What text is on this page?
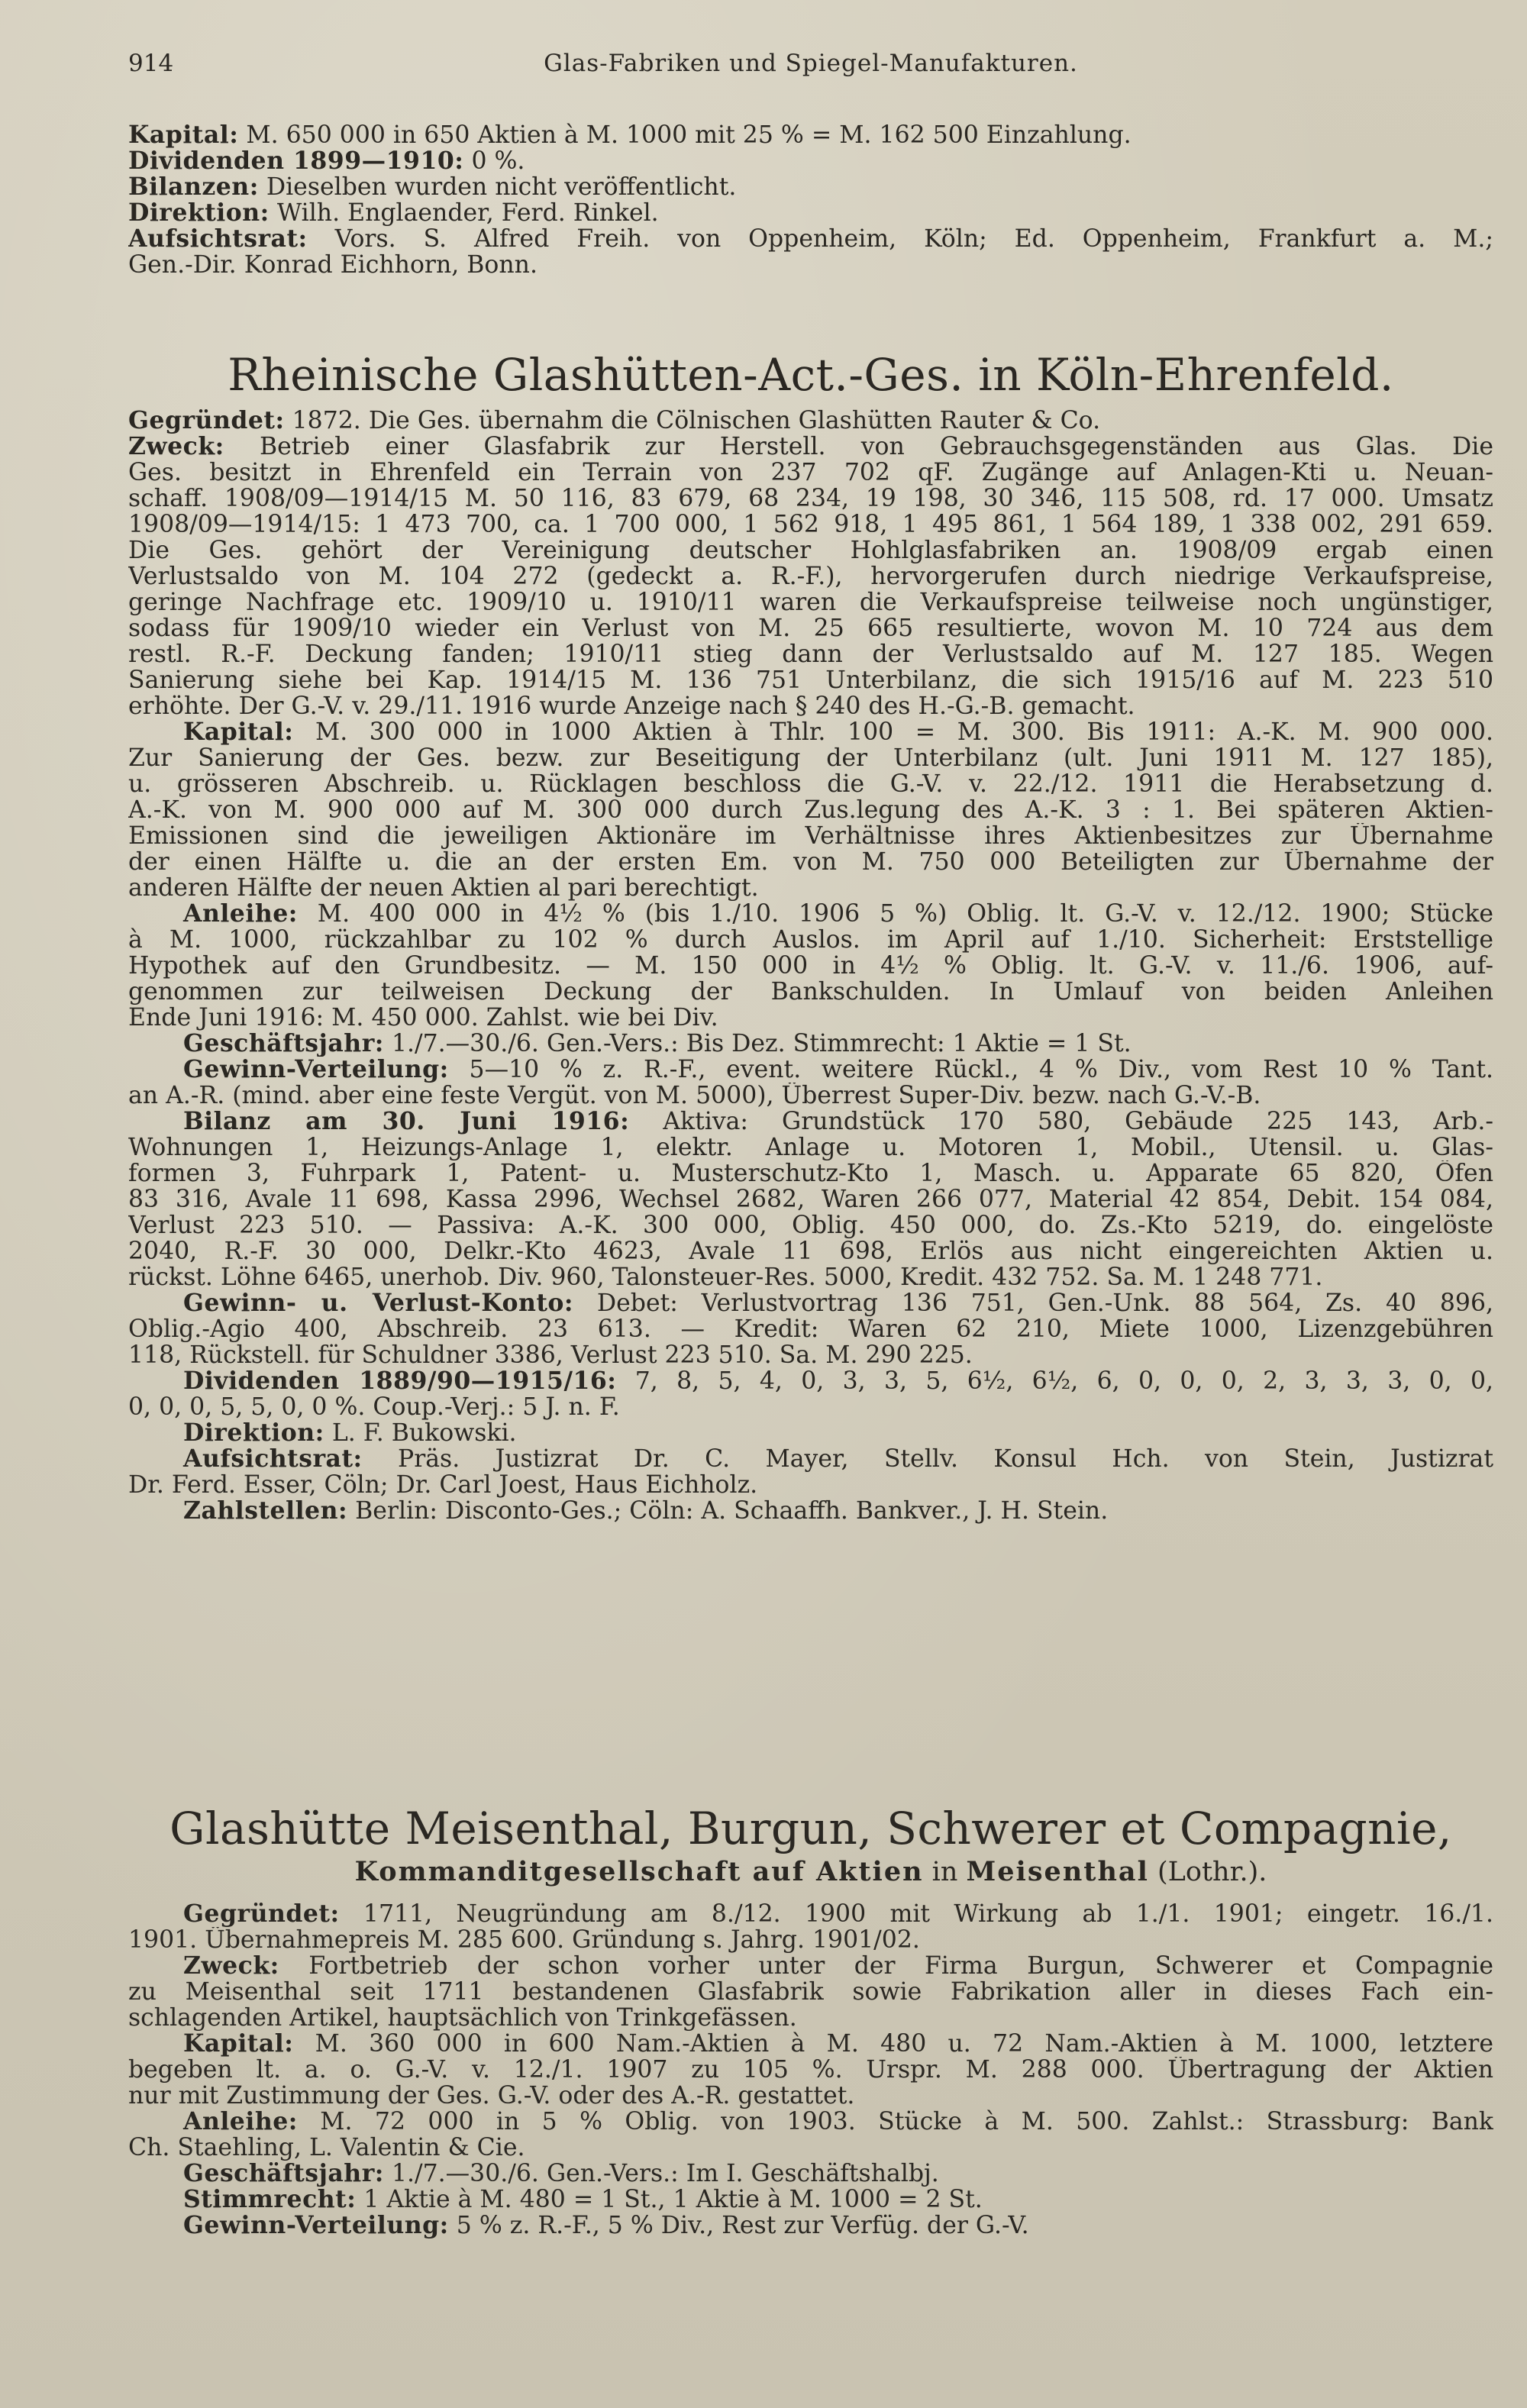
914	Glas-Fabriken und Spiegel-Manufakturen.
Kapital: M. 650 000 in 650 Aktien à M. 1000 mit 25 % = M. 162 500 Einzahlung.
Dividenden 1899—1910: 0 %.
Bilanzen: Dieselben wurden nicht veröffentlicht.
Direktion: Wilh. Englaender, Ferd. Rinkel.
Aufsichtsrat: Vors. S. Alfred Freih. von Oppenheim, Köln; Ed. Oppenheim, Frankfurt a. M.;
Gen.-Dir. Konrad Eichhorn, Bonn.
Rheinische Glashütten-Act.-Ges. in Köln-Ehrenfeld.
Gegründet: 1872. Die Ges. übernahm die Cölnischen Glashütten Rauter & Co.
Zweck: Betrieb einer Glasfabrik zur Herstell. von Gebrauchsgegenständen aus Glas. Die
Ges. besitzt in Ehrenfeld ein Terrain von 237 702 qF. Zugänge auf Anlagen-Kti u. Neuan-
schaff. 1908/09—1914/15 M. 50 116, 83 679, 68 234, 19 198, 30 346, 115 508, rd. 17 000. Umsatz
1908/09—1914/15: 1 473 700, ca. 1 700 000, 1 562 918, 1 495 861, 1 564 189, 1 338 002, 291 659.
Die Ges. gehört der Vereinigung deutscher Hohlglasfabriken an. 1908/09 ergab einen
Verlustsaldo von M. 104 272 (gedeckt a. R.-F.), hervorgerufen durch niedrige Verkaufspreise,
geringe Nachfrage etc. 1909/10 u. 1910/11 waren die Verkaufspreise teilweise noch ungünstiger,
sodass für 1909/10 wieder ein Verlust von M. 25 665 resultierte, wovon M. 10 724 aus dem
restl. R.-F. Deckung fanden; 1910/11 stieg dann der Verlustsaldo auf M. 127 185. Wegen
Sanierung siehe bei Kap. 1914/15 M. 136 751 Unterbilanz, die sich 1915/16 auf M. 223 510
erhöhte. Der G.-V. v. 29./11. 1916 wurde Anzeige nach § 240 des H.-G.-B. gemacht.
Kapital: M. 300 000 in 1000 Aktien à Thlr. 100 = M. 300. Bis 1911: A.-K. M. 900 000.
Zur Sanierung der Ges. bezw. zur Beseitigung der Unterbilanz (ult. Juni 1911 M. 127 185),
u. grösseren Abschreib. u. Rücklagen beschloss die G.-V. v. 22./12. 1911 die Herabsetzung d.
A.-K. von M. 900 000 auf M. 300 000 durch Zus.legung des A.-K. 3 : 1. Bei späteren Aktien-
Emissionen sind die jeweiligen Aktionäre im Verhältnisse ihres Aktienbesitzes zur Übernahme
der einen Hälfte u. die an der ersten Em. von M. 750 000 Beteiligten zur Übernahme der
anderen Hälfte der neuen Aktien al pari berechtigt.
Anleihe: M. 400 000 in 4½ % (bis 1./10. 1906 5 %) Oblig. lt. G.-V. v. 12./12. 1900; Stücke
à M. 1000, rückzahlbar zu 102 % durch Auslos. im April auf 1./10. Sicherheit: Erststellige
Hypothek auf den Grundbesitz. — M. 150 000 in 4½ % Oblig. lt. G.-V. v. 11./6. 1906, auf-
genommen zur teilweisen Deckung der Bankschulden. In Umlauf von beiden Anleihen
Ende Juni 1916: M. 450 000. Zahlst. wie bei Div.
Geschäftsjahr: 1./7.—30./6. Gen.-Vers.: Bis Dez. Stimmrecht: 1 Aktie = 1 St.
Gewinn-Verteilung: 5—10 % z. R.-F., event. weitere Rückl., 4 % Div., vom Rest 10 % Tant.
an A.-R. (mind. aber eine feste Vergüt. von M. 5000), Überrest Super-Div. bezw. nach G.-V.-B.
Bilanz am 30. Juni 1916: Aktiva: Grundstück 170 580, Gebäude 225 143, Arb.-
Wohnungen 1, Heizungs-Anlage 1, elektr. Anlage u. Motoren 1, Mobil., Utensil. u. Glas-
formen 3, Fuhrpark 1, Patent- u. Musterschutz-Kto 1, Masch. u. Apparate 65 820, Öfen
83 316, Avale 11 698, Kassa 2996, Wechsel 2682, Waren 266 077, Material 42 854, Debit. 154 084,
Verlust 223 510. — Passiva: A.-K. 300 000, Oblig. 450 000, do. Zs.-Kto 5219, do. eingelöste
2040, R.-F. 30 000, Delkr.-Kto 4623, Avale 11 698, Erlös aus nicht eingereichten Aktien u.
rückst. Löhne 6465, unerhob. Div. 960, Talonsteuer-Res. 5000, Kredit. 432 752. Sa. M. 1 248 771.
Gewinn- u. Verlust-Konto: Debet: Verlustvortrag 136 751, Gen.-Unk. 88 564, Zs. 40 896,
Oblig.-Agio 400, Abschreib. 23 613. — Kredit: Waren 62 210, Miete 1000, Lizenzgebühren
118, Rückstell. für Schuldner 3386, Verlust 223 510. Sa. M. 290 225.
Dividenden 1889/90—1915/16: 7, 8, 5, 4, 0, 3, 3, 5, 6½, 6½, 6, 0, 0, 0, 2, 3, 3, 3, 0, 0,
0, 0, 0, 5, 5, 0, 0 %. Coup.-Verj.: 5 J. n. F.
Direktion: L. F. Bukowski.
Aufsichtsrat: Präs. Justizrat Dr. C. Mayer, Stellv. Konsul Hch. von Stein, Justizrat
Dr. Ferd. Esser, Cöln; Dr. Carl Joest, Haus Eichholz.
Zahlstellen: Berlin: Disconto-Ges.; Cöln: A. Schaaffh. Bankver., J. H. Stein.
Glashütte Meisenthal, Burgun, Schwerer et Compagnie,
Kommanditgesellschaft auf Aktien in Meisenthal (Lothr.).
Gegründet: 1711, Neugründung am 8./12. 1900 mit Wirkung ab 1./1. 1901; eingetr. 16./1.
1901. Übernahmepreis M. 285 600. Gründung s. Jahrg. 1901/02.
Zweck: Fortbetrieb der schon vorher unter der Firma Burgun, Schwerer et Compagnie
zu Meisenthal seit 1711 bestandenen Glasfabrik sowie Fabrikation aller in dieses Fach ein-
schlagenden Artikel, hauptsächlich von Trinkgefässen.
Kapital: M. 360 000 in 600 Nam.-Aktien à M. 480 u. 72 Nam.-Aktien à M. 1000, letztere
begeben lt. a. o. G.-V. v. 12./1. 1907 zu 105 %. Urspr. M. 288 000. Übertragung der Aktien
nur mit Zustimmung der Ges. G.-V. oder des A.-R. gestattet.
Anleihe: M. 72 000 in 5 % Oblig. von 1903. Stücke à M. 500. Zahlst.: Strassburg: Bank
Ch. Staehling, L. Valentin & Cie.
Geschäftsjahr: 1./7.—30./6. Gen.-Vers.: Im I. Geschäftshalbj.
Stimmrecht: 1 Aktie à M. 480 = 1 St., 1 Aktie à M. 1000 = 2 St.
Gewinn-Verteilung: 5 % z. R.-F., 5 % Div., Rest zur Verfüg. der G.-V.
